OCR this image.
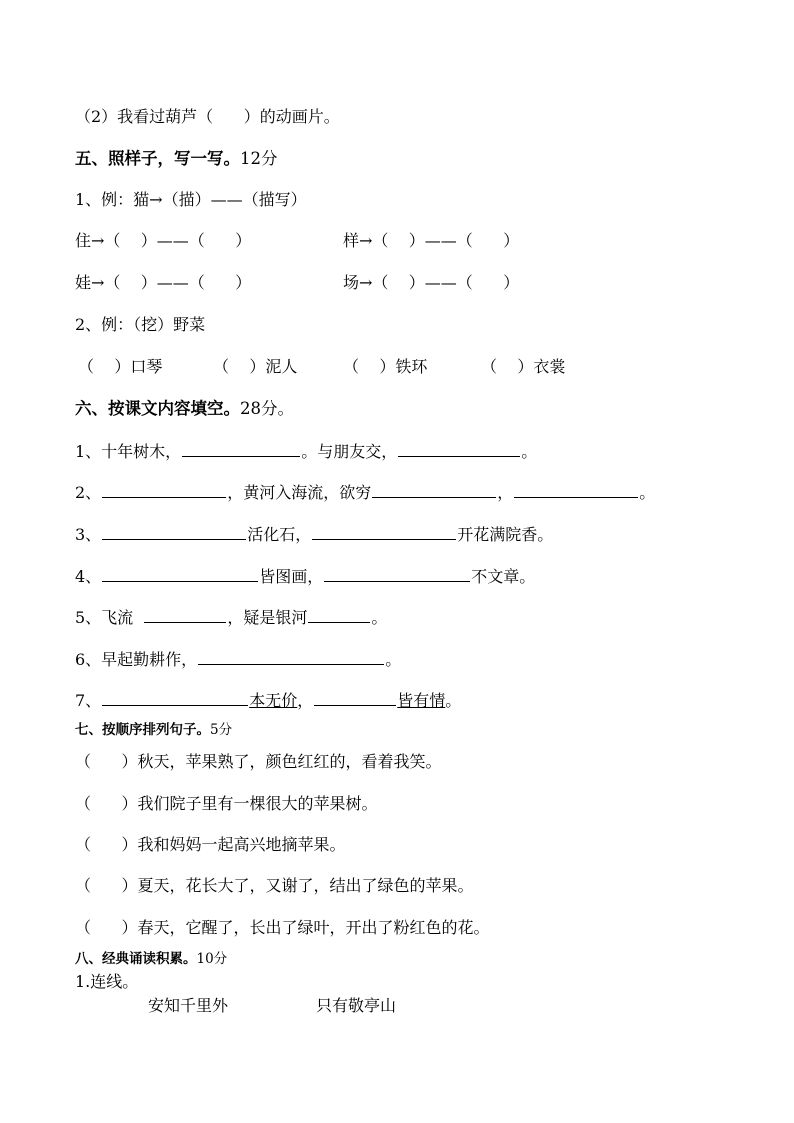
（2）我看过葫芦（      ）的动画片。
五、照样子，写一写。12分
1、例：猫→（描）——（描写）
住→（    ）——（      ）	样→（    ）——（      ）
娃→（    ）——（      ）	场→（    ）——（      ）
2、例：（挖）野菜
（    ）口琴	（    ）泥人	（    ）铁环	（    ）衣裳
六、按课文内容填空。28分。
1、十年树木，	。与朋友交，	。
2、	，黄河入海流，欲穷	，	。
3、	活化石，	开花满院香。
4、	皆图画，	不文章。
5、飞流	，疑是银河	。
6、早起勤耕作，	。
7、	本无价，	皆有情。
七、按顺序排列句子。5分
（      ）秋天，苹果熟了，颜色红红的，看着我笑。
（      ）我们院子里有一棵很大的苹果树。
（      ）我和妈妈一起高兴地摘苹果。
（      ）夏天，花长大了，又谢了，结出了绿色的苹果。
（      ）春天，它醒了，长出了绿叶，开出了粉红色的花。
八、经典诵读积累。10分
1.连线。
安知千里外	只有敬亭山
